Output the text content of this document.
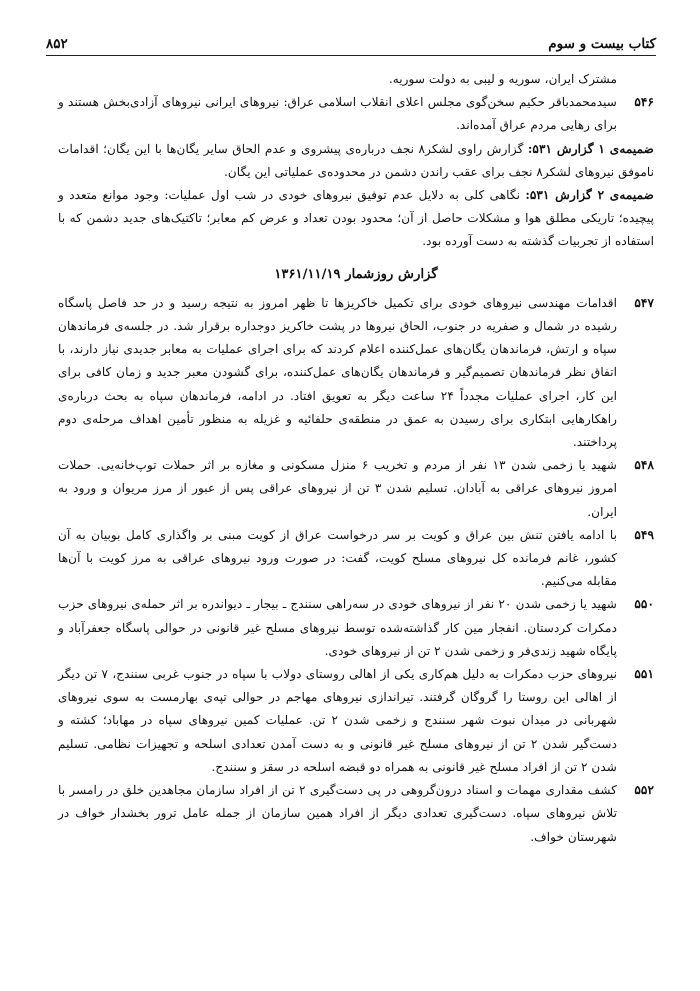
کتاب بیست و سوم
۸۵۲

مشترک ایران، سوریه و لیبی به دولت سوریه.

۵۴۶
سیدمحمدباقر حکیم سخن‌گوی مجلس اعلای انقلاب اسلامی عراق: نیروهای ایرانی نیروهای آزادی‌بخش هستند و برای رهایی مردم عراق آمده‌اند.
ضمیمه‌ی ۱ گزارش ۵۳۱: گزارش راوی لشکر۸ نجف درباره‌ی پیشروی و عدم الحاق سایر یگان‌ها با این یگان؛ اقدامات ناموفق نیروهای لشکر۸ نجف برای عقب راندن دشمن در محدوده‌ی عملیاتی این یگان.
ضمیمه‌ی ۲ گزارش ۵۳۱: نگاهی کلی به دلایل عدم توفیق نیروهای خودی در شب اول عملیات: وجود موانع متعدد و پیچیده؛ تاریکی مطلق هوا و مشکلات حاصل از آن؛ محدود بودن تعداد و عرض کم معابر؛ تاکتیک‌های جدید دشمن که با استفاده از تجربیات گذشته به دست آورده بود.
گزارش روزشمار ۱۳۶۱/۱۱/۱۹
۵۴۷
اقدامات مهندسی نیروهای خودی برای تکمیل خاکریزها تا ظهر امروز به نتیجه رسید و در حد فاصل پاسگاه رشیده در شمال و صفریه در جنوب، الحاق نیروها در پشت خاکریز دوجداره برقرار شد. در جلسه‌ی فرماندهان سپاه و ارتش، فرماندهان یگان‌های عمل‌کننده اعلام کردند که برای اجرای عملیات به معابر جدیدی نیاز دارند، با اتفاق نظر فرماندهان تصمیم‌گیر و فرماندهان یگان‌های عمل‌کننده، برای گشودن معبر جدید و زمان کافی برای این کار، اجرای عملیات مجدداً ۲۴ ساعت دیگر به تعویق افتاد. در ادامه، فرماندهان سپاه به بحث درباره‌ی راهکارهایی ابتکاری برای رسیدن به عمق در منطقه‌ی حلفائیه و غزیله به منظور تأمین اهداف مرحله‌ی دوم پرداختند.
۵۴۸
شهید یا زخمی شدن ۱۳ نفر از مردم و تخریب ۶ منزل مسکونی و مغازه بر اثر حملات توپ‌خانه‌یی. حملات امروز نیروهای عراقی به آبادان. تسلیم شدن ۳ تن از نیروهای عراقی پس از عبور از مرز مریوان و ورود به ایران.
۵۴۹
با ادامه یافتن تنش بین عراق و کویت بر سر درخواست عراق از کویت مبنی بر واگذاری کامل بوبیان به آن کشور، غانم فرمانده کل نیروهای مسلح کویت، گفت: در صورت ورود نیروهای عراقی به مرز کویت با آن‌ها مقابله می‌کنیم.
۵۵۰
شهید یا زخمی شدن ۲۰ نفر از نیروهای خودی در سه‌راهی سنندج ـ بیجار ـ دیواندره بر اثر حمله‌ی نیروهای حزب دمکرات کردستان. انفجار مین کار گذاشته‌شده توسط نیروهای مسلح غیر قانونی در حوالی پاسگاه جعفرآباد و پایگاه شهید زندی‌فر و زخمی شدن ۲ تن از نیروهای خودی.
۵۵۱
نیروهای حزب دمکرات به دلیل هم‌کاری یکی از اهالی روستای دولاب با سپاه در جنوب غربی سنندج، ۷ تن دیگر از اهالی این روستا را گروگان گرفتند. تیراندازی نیروهای مهاجم در حوالی تپه‌ی بهارمست به سوی نیروهای شهربانی در میدان نبوت شهر سنندج و زخمی شدن ۲ تن. عملیات کمین نیروهای سپاه در مهاباد؛ کشته و دست‌گیر شدن ۲ تن از نیروهای مسلح غیر قانونی و به دست آمدن تعدادی اسلحه و تجهیزات نظامی. تسلیم شدن ۲ تن از افراد مسلح غیر قانونی به همراه دو قبضه اسلحه در سقز و سنندج.
۵۵۲
کشف مقداری مهمات و اسناد درون‌گروهی در پی دست‌گیری ۲ تن از افراد سازمان مجاهدین خلق در رامسر با تلاش نیروهای سپاه. دست‌گیری تعدادی دیگر از افراد همین سازمان از جمله عامل ترور بخشدار خواف در شهرستان خواف.
